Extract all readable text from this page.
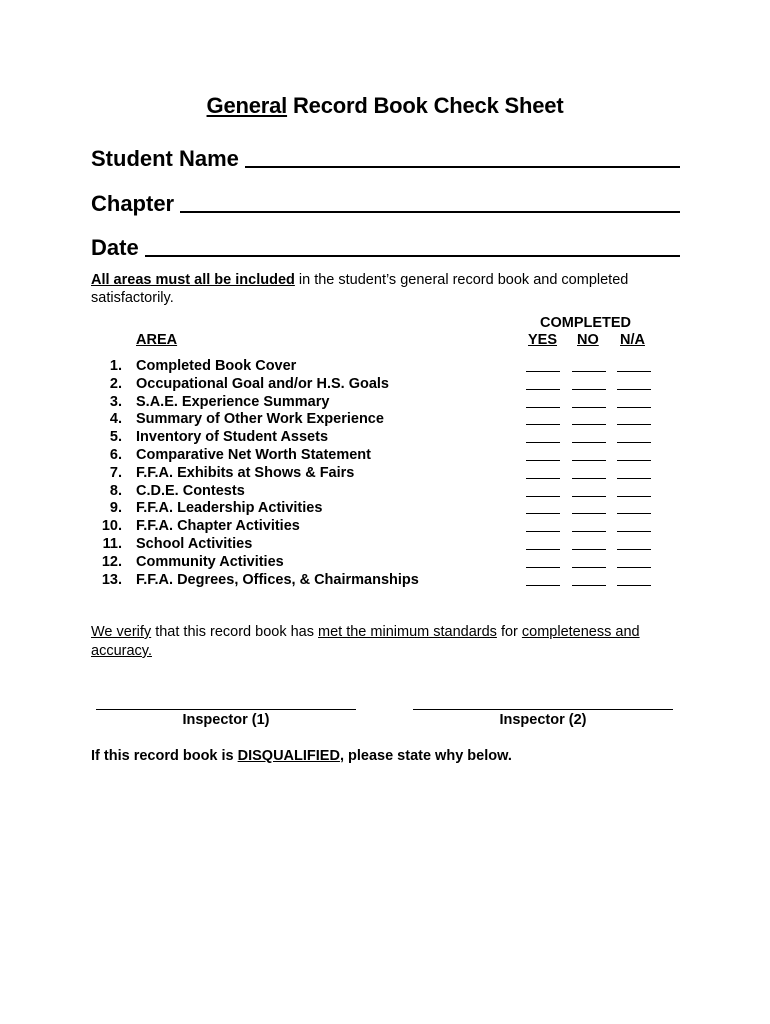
General Record Book Check Sheet
Student Name
Chapter
Date
All areas must all be included in the student’s general record book and completed satisfactorily.
COMPLETED
AREA	YES NO N/A
1. Completed Book Cover
2. Occupational Goal and/or H.S. Goals
3. S.A.E. Experience Summary
4. Summary of Other Work Experience
5. Inventory of Student Assets
6. Comparative Net Worth Statement
7. F.F.A. Exhibits at Shows & Fairs
8. C.D.E. Contests
9. F.F.A. Leadership Activities
10. F.F.A. Chapter Activities
11. School Activities
12. Community Activities
13. F.F.A. Degrees, Offices, & Chairmanships
We verify that this record book has met the minimum standards for completeness and accuracy.
Inspector (1)	Inspector (2)
If this record book is DISQUALIFIED, please state why below.
